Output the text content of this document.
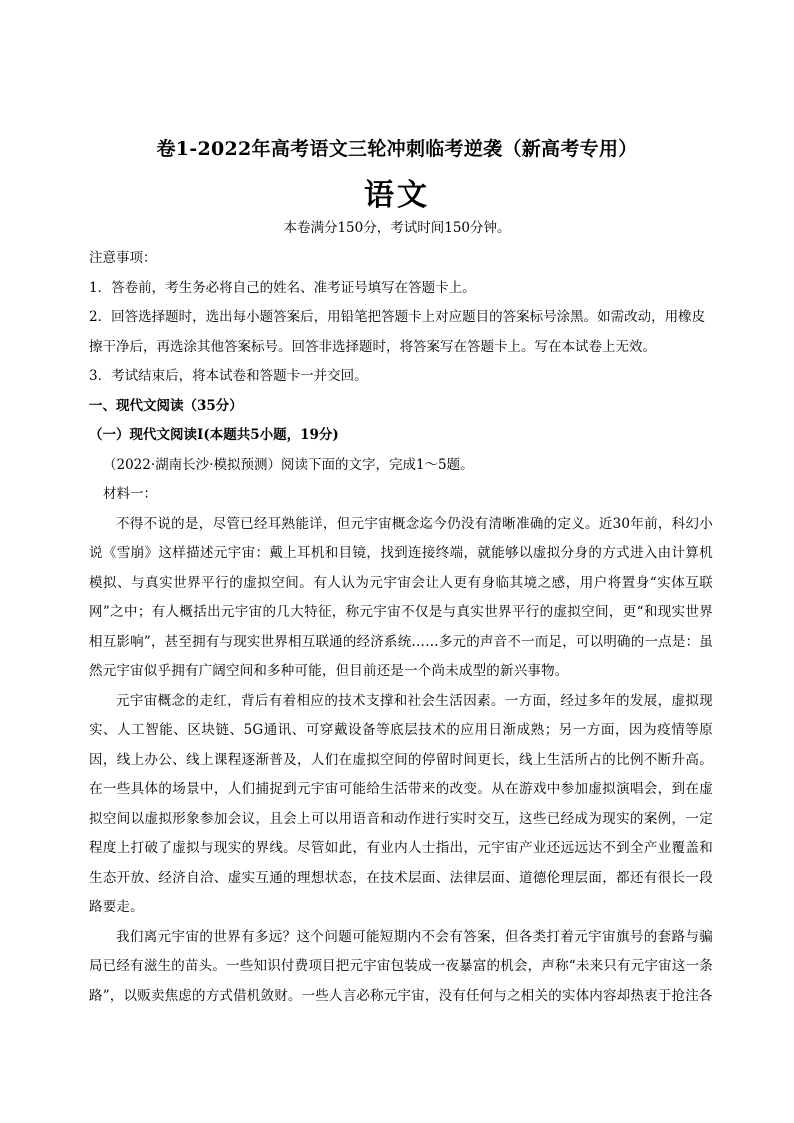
卷1-2022年高考语文三轮冲刺临考逆袭（新高考专用）
语文
本卷满分150分，考试时间150分钟。

注意事项：

1．答卷前，考生务必将自己的姓名、准考证号填写在答题卡上。

2．回答选择题时，选出每小题答案后，用铅笔把答题卡上对应题目的答案标号涂黑。如需改动，用橡皮擦干净后，再选涂其他答案标号。回答非选择题时，将答案写在答题卡上。写在本试卷上无效。

3．考试结束后，将本试卷和答题卡一并交回。

一、现代文阅读（35分）

（一）现代文阅读Ⅰ(本题共5小题，19分)

（2022·湖南长沙·模拟预测）阅读下面的文字，完成1～5题。

材料一：

不得不说的是，尽管已经耳熟能详，但元宇宙概念迄今仍没有清晰准确的定义。近30年前，科幻小说《雪崩》这样描述元宇宙：戴上耳机和目镜，找到连接终端，就能够以虚拟分身的方式进入由计算机模拟、与真实世界平行的虚拟空间。有人认为元宇宙会让人更有身临其境之感，用户将置身“实体互联网”之中；有人概括出元宇宙的几大特征，称元宇宙不仅是与真实世界平行的虚拟空间，更“和现实世界相互影响”，甚至拥有与现实世界相互联通的经济系统……多元的声音不一而足，可以明确的一点是：虽然元宇宙似乎拥有广阔空间和多种可能，但目前还是一个尚未成型的新兴事物。

元宇宙概念的走红，背后有着相应的技术支撑和社会生活因素。一方面，经过多年的发展，虚拟现实、人工智能、区块链、5G通讯、可穿戴设备等底层技术的应用日渐成熟；另一方面，因为疫情等原因，线上办公、线上课程逐渐普及，人们在虚拟空间的停留时间更长，线上生活所占的比例不断升高。在一些具体的场景中，人们捕捉到元宇宙可能给生活带来的改变。从在游戏中参加虚拟演唱会，到在虚拟空间以虚拟形象参加会议，且会上可以用语音和动作进行实时交互，这些已经成为现实的案例，一定程度上打破了虚拟与现实的界线。尽管如此，有业内人士指出，元宇宙产业还远远达不到全产业覆盖和生态开放、经济自洽、虚实互通的理想状态，在技术层面、法律层面、道德伦理层面，都还有很长一段路要走。

我们离元宇宙的世界有多远？这个问题可能短期内不会有答案，但各类打着元宇宙旗号的套路与骗局已经有滋生的苗头。一些知识付费项目把元宇宙包装成一夜暴富的机会，声称“未来只有元宇宙这一条路”，以贩卖焦虑的方式借机敛财。一些人言必称元宇宙，没有任何与之相关的实体内容却热衷于抢注各
